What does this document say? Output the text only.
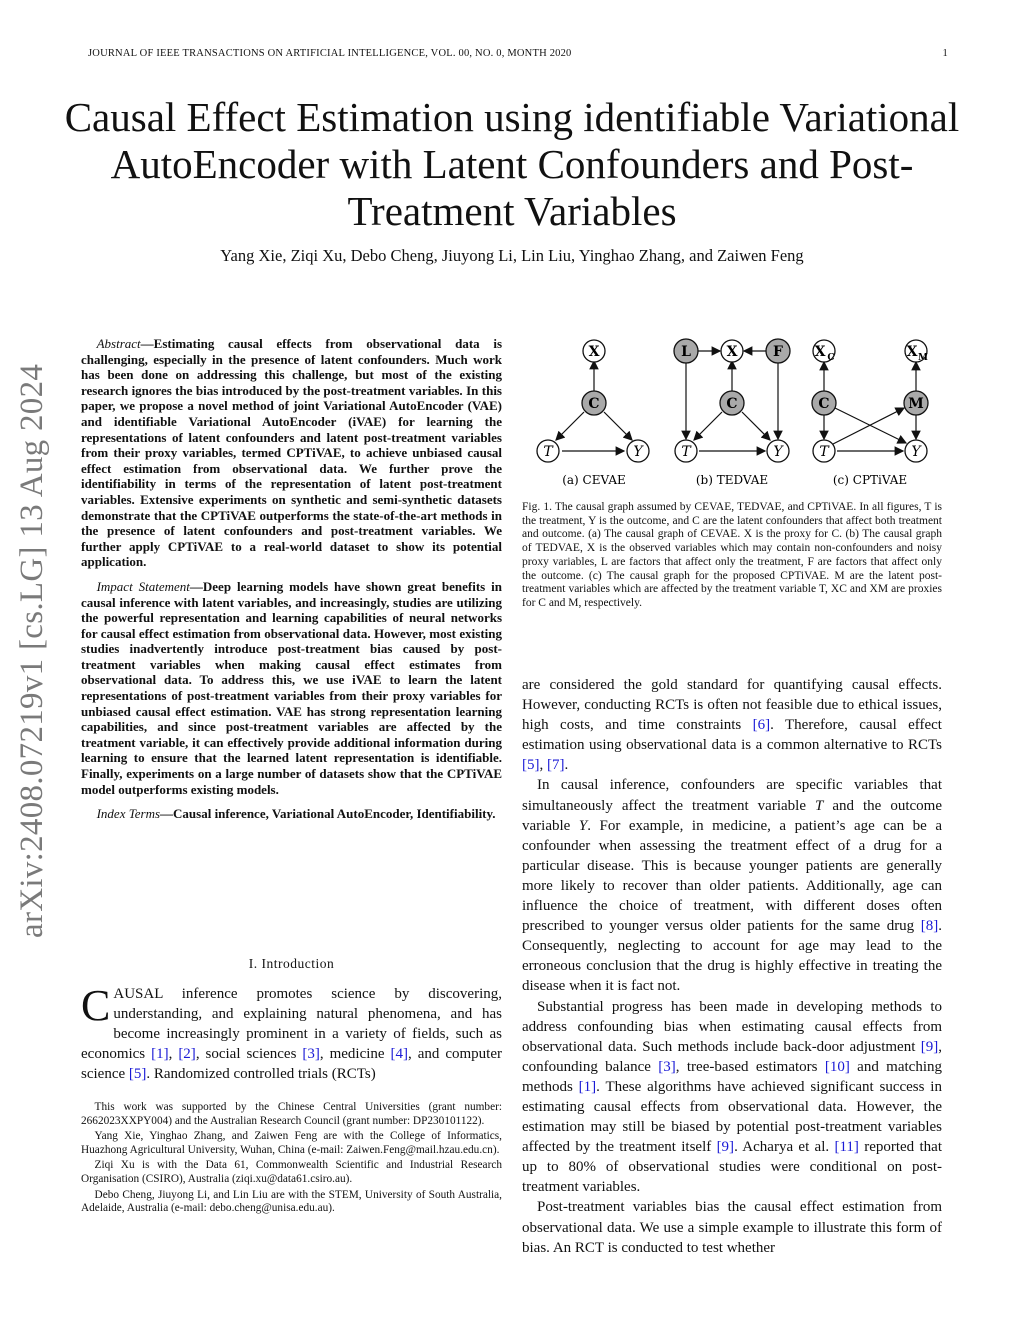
JOURNAL OF IEEE TRANSACTIONS ON ARTIFICIAL INTELLIGENCE, VOL. 00, NO. 0, MONTH 2020	1
arXiv:2408.07219v1 [cs.LG] 13 Aug 2024
Causal Effect Estimation using identifiable Variational AutoEncoder with Latent Confounders and Post-Treatment Variables
Yang Xie, Ziqi Xu, Debo Cheng, Jiuyong Li, Lin Liu, Yinghao Zhang, and Zaiwen Feng

Abstract—Estimating causal effects from observational data is challenging, especially in the presence of latent confounders. Much work has been done on addressing this challenge, but most of the existing research ignores the bias introduced by the post-treatment variables. In this paper, we propose a novel method of joint Variational AutoEncoder (VAE) and identifiable Variational AutoEncoder (iVAE) for learning the representations of latent confounders and latent post-treatment variables from their proxy variables, termed CPTiVAE, to achieve unbiased causal effect estimation from observational data. We further prove the identifiability in terms of the representation of latent post-treatment variables. Extensive experiments on synthetic and semi-synthetic datasets demonstrate that the CPTiVAE outperforms the state-of-the-art methods in the presence of latent confounders and post-treatment variables. We further apply CPTiVAE to a real-world dataset to show its potential application.

Impact Statement—Deep learning models have shown great benefits in causal inference with latent variables, and increasingly, studies are utilizing the powerful representation and learning capabilities of neural networks for causal effect estimation from observational data. However, most existing studies inadvertently introduce post-treatment bias caused by post-treatment variables when making causal effect estimates from observational data. To address this, we use iVAE to learn the latent representations of post-treatment variables from their proxy variables for unbiased causal effect estimation. VAE has strong representation learning capabilities, and since post-treatment variables are affected by the treatment variable, it can effectively provide additional information during learning to ensure that the learned latent representation is identifiable. Finally, experiments on a large number of datasets show that the CPTiVAE model outperforms existing models.

Index Terms—Causal inference, Variational AutoEncoder, Identifiability.

I. Introduction

CAUSAL inference promotes science by discovering, understanding, and explaining natural phenomena, and has become increasingly prominent in a variety of fields, such as economics [1], [2], social sciences [3], medicine [4], and computer science [5]. Randomized controlled trials (RCTs)

This work was supported by the Chinese Central Universities (grant number: 2662023XXPY004) and the Australian Research Council (grant number: DP230101122).

Yang Xie, Yinghao Zhang, and Zaiwen Feng are with the College of Informatics, Huazhong Agricultural University, Wuhan, China (e-mail: Zaiwen.Feng@mail.hzau.edu.cn).

Ziqi Xu is with the Data 61, Commonwealth Scientific and Industrial Research Organisation (CSIRO), Australia (ziqi.xu@data61.csiro.au).

Debo Cheng, Jiuyong Li, and Lin Liu are with the STEM, University of South Australia, Adelaide, Australia (e-mail: debo.cheng@unisa.edu.au).

X
C
T	Y
(a) CEVAE
L	X	F
C
T	Y
(b) TEDVAE
X C	X M
C	M
T	Y
(c) CPTiVAE

Fig. 1. The causal graph assumed by CEVAE, TEDVAE, and CPTiVAE. In all figures, T is the treatment, Y is the outcome, and C are the latent confounders that affect both treatment and outcome. (a) The causal graph of CEVAE. X is the proxy for C. (b) The causal graph of TEDVAE, X is the observed variables which may contain non-confounders and noisy proxy variables, L are factors that affect only the treatment, F are factors that affect only the outcome. (c) The causal graph for the proposed CPTiVAE. M are the latent post-treatment variables which are affected by the treatment variable T, XC and XM are proxies for C and M, respectively.

are considered the gold standard for quantifying causal effects. However, conducting RCTs is often not feasible due to ethical issues, high costs, and time constraints [6]. Therefore, causal effect estimation using observational data is a common alternative to RCTs [5], [7].

In causal inference, confounders are specific variables that simultaneously affect the treatment variable T and the outcome variable Y. For example, in medicine, a patient’s age can be a confounder when assessing the treatment effect of a drug for a particular disease. This is because younger patients are generally more likely to recover than older patients. Additionally, age can influence the choice of treatment, with different doses often prescribed to younger versus older patients for the same drug [8]. Consequently, neglecting to account for age may lead to the erroneous conclusion that the drug is highly effective in treating the disease when it is fact not.

Substantial progress has been made in developing methods to address confounding bias when estimating causal effects from observational data. Such methods include back-door adjustment [9], confounding balance [3], tree-based estimators [10] and matching methods [1]. These algorithms have achieved significant success in estimating causal effects from observational data. However, the estimation may still be biased by potential post-treatment variables affected by the treatment itself [9]. Acharya et al. [11] reported that up to 80% of observational studies were conditional on post-treatment variables.

Post-treatment variables bias the causal effect estimation from observational data. We use a simple example to illustrate this form of bias. An RCT is conducted to test whether
